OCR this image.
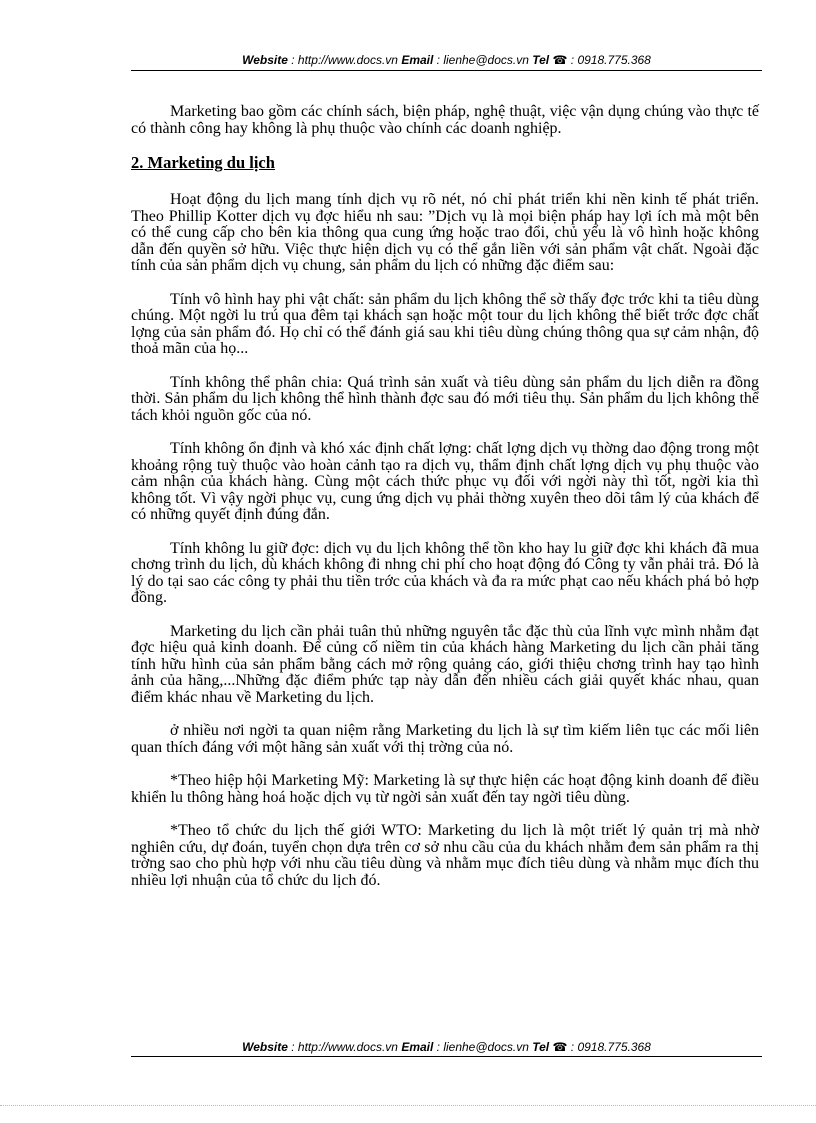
Website : http://www.docs.vn Email : lienhe@docs.vn Tel ☎ : 0918.775.368

Marketing bao gồm các chính sách, biện pháp, nghệ thuật, việc vận dụng chúng vào thực tế có thành công hay không là phụ thuộc vào chính các doanh nghiệp.

2. Marketing du lịch

Hoạt động du lịch mang tính dịch vụ rõ nét, nó chỉ phát triển khi nền kinh tế phát triển. Theo Phillip Kotter dịch vụ đợc hiểu nh sau: ”Dịch vụ là mọi biện pháp hay lợi ích mà một bên có thể cung cấp cho bên kia thông qua cung ứng hoặc trao đổi, chủ yếu là vô hình hoặc không dẫn đến quyền sở hữu. Việc thực hiện dịch vụ có thể gắn liền với sản phẩm vật chất. Ngoài đặc tính của sản phẩm dịch vụ chung, sản phẩm du lịch có những đặc điểm sau:

Tính vô hình hay phi vật chất: sản phẩm du lịch không thể sờ thấy đợc trớc khi ta tiêu dùng chúng. Một ngời lu trú qua đêm tại khách sạn hoặc một tour du lịch không thể biết trớc đợc chất lợng của sản phẩm đó. Họ chỉ có thể đánh giá sau khi tiêu dùng chúng thông qua sự cảm nhận, độ thoả mãn của họ...

Tính không thể phân chia: Quá trình sản xuất và tiêu dùng sản phẩm du lịch diễn ra đồng thời. Sản phẩm du lịch không thể hình thành đợc sau đó mới tiêu thụ. Sản phẩm du lịch không thể tách khỏi nguồn gốc của nó.

Tính không ổn định và khó xác định chất lợng: chất lợng dịch vụ thờng dao động trong một khoảng rộng tuỳ thuộc vào hoàn cảnh tạo ra dịch vụ, thẩm định chất lợng dịch vụ phụ thuộc vào cảm nhận của khách hàng. Cùng một cách thức phục vụ đối với ngời này thì tốt, ngời kia thì không tốt. Vì vậy ngời phục vụ, cung ứng dịch vụ phải thờng xuyên theo dõi tâm lý của khách để có những quyết định đúng đắn.

Tính không lu giữ đợc: dịch vụ du lịch không thể tồn kho hay lu giữ đợc khi khách đã mua chơng trình du lịch, dù khách không đi nhng chi phí cho hoạt động đó Công ty vẫn phải trả. Đó là lý do tại sao các công ty phải thu tiền trớc của khách và đa ra mức phạt cao nếu khách phá bỏ hợp đồng.

Marketing du lịch cần phải tuân thủ những nguyên tắc đặc thù của lĩnh vực mình nhằm đạt đợc hiệu quả kinh doanh. Để củng cố niềm tin của khách hàng Marketing du lịch cần phải tăng tính hữu hình của sản phẩm bằng cách mở rộng quảng cáo, giới thiệu chơng trình hay tạo hình ảnh của hãng,...Những đặc điểm phức tạp này dẫn đến nhiều cách giải quyết khác nhau, quan điểm khác nhau về Marketing du lịch.

ở nhiều nơi ngời ta quan niệm rằng Marketing du lịch là sự tìm kiếm liên tục các mối liên quan thích đáng với một hãng sản xuất với thị trờng của nó.

*Theo hiệp hội Marketing Mỹ: Marketing là sự thực hiện các hoạt động kinh doanh để điều khiển lu thông hàng hoá hoặc dịch vụ từ ngời sản xuất đến tay ngời tiêu dùng.

*Theo tổ chức du lịch thế giới WTO: Marketing du lịch là một triết lý quản trị mà nhờ nghiên cứu, dự đoán, tuyển chọn dựa trên cơ sở nhu cầu của du khách nhằm đem sản phẩm ra thị trờng sao cho phù hợp với nhu cầu tiêu dùng và nhằm mục đích tiêu dùng và nhằm mục đích thu nhiều lợi nhuận của tổ chức du lịch đó.

Website : http://www.docs.vn Email : lienhe@docs.vn Tel ☎ : 0918.775.368
